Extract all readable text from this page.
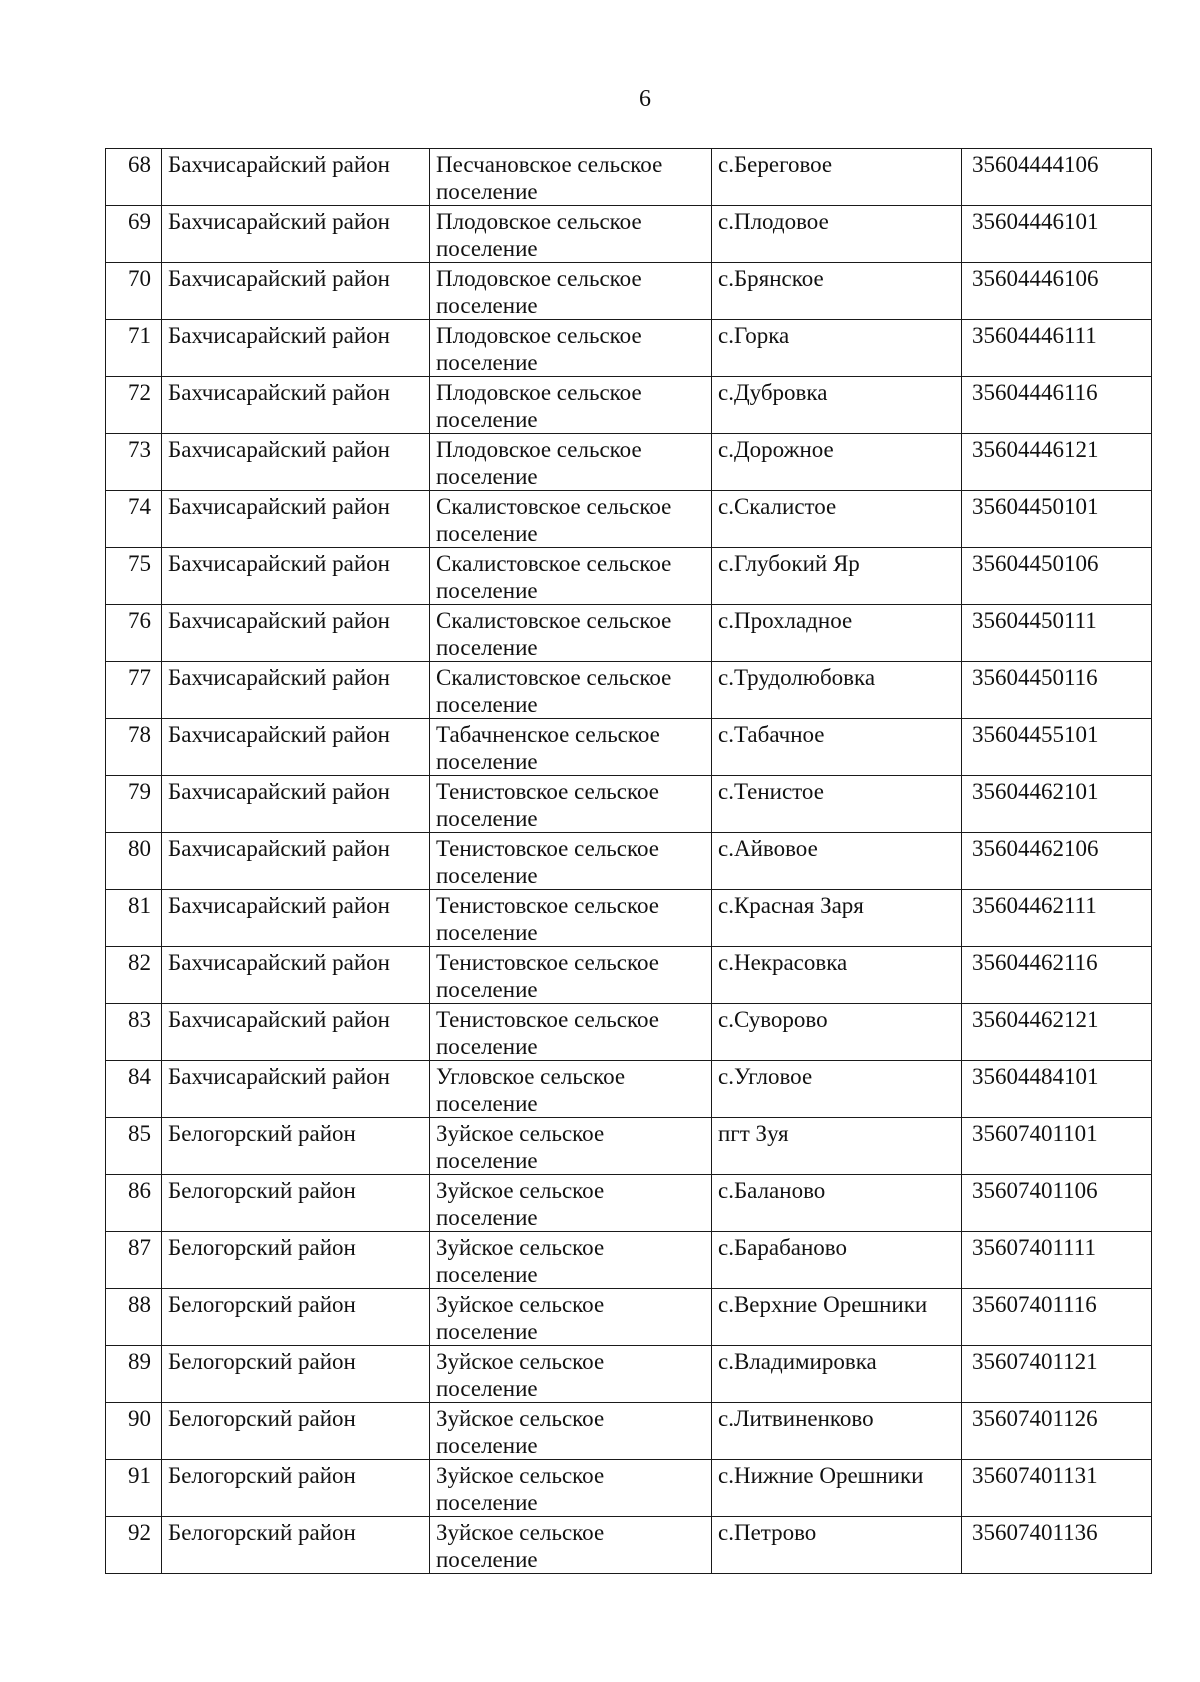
6
68	Бахчисарайский район	Песчановское сельское
поселение	с.Береговое	35604444106

69	Бахчисарайский район	Плодовское сельское
поселение	с.Плодовое	35604446101

70	Бахчисарайский район	Плодовское сельское
поселение	с.Брянское	35604446106

71	Бахчисарайский район	Плодовское сельское
поселение	с.Горка	35604446111

72	Бахчисарайский район	Плодовское сельское
поселение	с.Дубровка	35604446116

73	Бахчисарайский район	Плодовское сельское
поселение	с.Дорожное	35604446121

74	Бахчисарайский район	Скалистовское сельское
поселение	с.Скалистое	35604450101

75	Бахчисарайский район	Скалистовское сельское
поселение	с.Глубокий Яр	35604450106

76	Бахчисарайский район	Скалистовское сельское
поселение	с.Прохладное	35604450111

77	Бахчисарайский район	Скалистовское сельское
поселение	с.Трудолюбовка	35604450116

78	Бахчисарайский район	Табачненское сельское
поселение	с.Табачное	35604455101

79	Бахчисарайский район	Тенистовское сельское
поселение	с.Тенистое	35604462101

80	Бахчисарайский район	Тенистовское сельское
поселение	с.Айвовое	35604462106

81	Бахчисарайский район	Тенистовское сельское
поселение	с.Красная Заря	35604462111

82	Бахчисарайский район	Тенистовское сельское
поселение	с.Некрасовка	35604462116

83	Бахчисарайский район	Тенистовское сельское
поселение	с.Суворово	35604462121

84	Бахчисарайский район	Угловское сельское
поселение	с.Угловое	35604484101

85	Белогорский район	Зуйское сельское
поселение	пгт Зуя	35607401101

86	Белогорский район	Зуйское сельское
поселение	с.Баланово	35607401106

87	Белогорский район	Зуйское сельское
поселение	с.Барабаново	35607401111

88	Белогорский район	Зуйское сельское
поселение	с.Верхние Орешники	35607401116

89	Белогорский район	Зуйское сельское
поселение	с.Владимировка	35607401121

90	Белогорский район	Зуйское сельское
поселение	с.Литвиненково	35607401126

91	Белогорский район	Зуйское сельское
поселение	с.Нижние Орешники	35607401131

92	Белогорский район	Зуйское сельское
поселение	с.Петрово	35607401136
